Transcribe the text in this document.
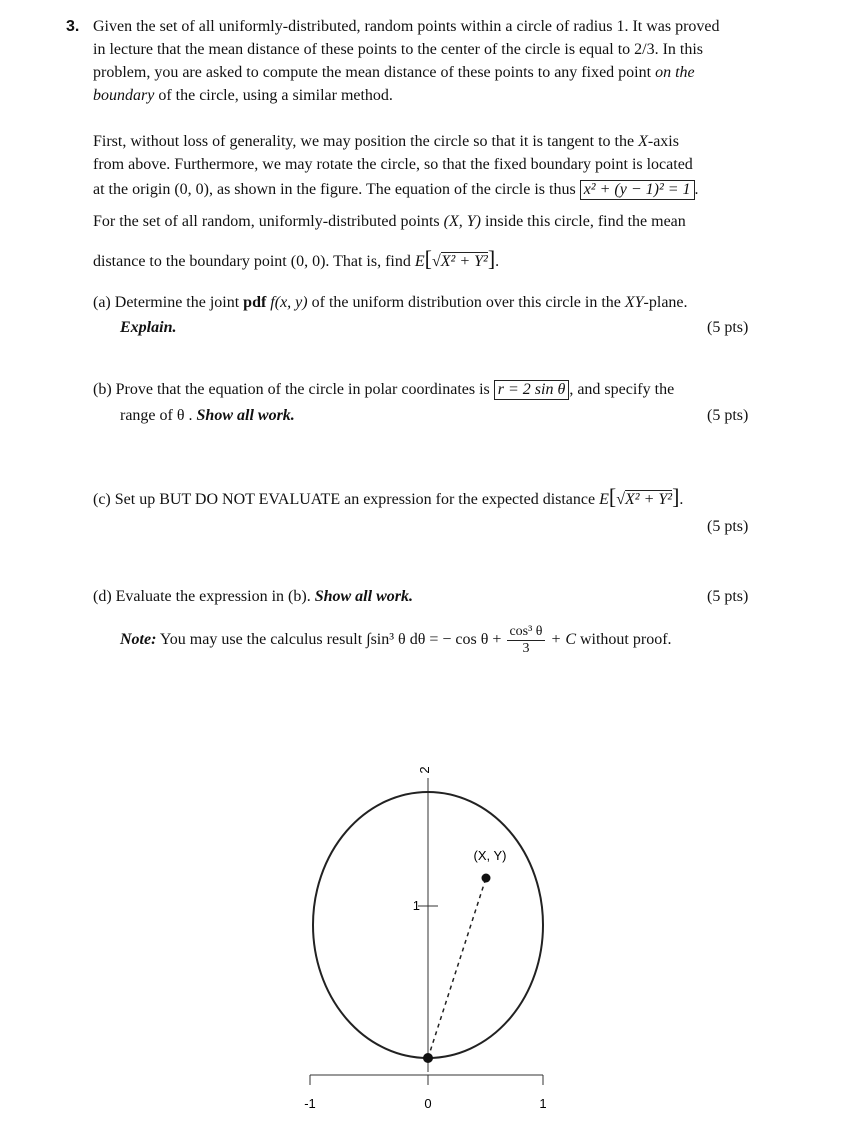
3. Given the set of all uniformly-distributed, random points within a circle of radius 1. It was proved
in lecture that the mean distance of these points to the center of the circle is equal to 2/3. In this
problem, you are asked to compute the mean distance of these points to any fixed point on the
boundary of the circle, using a similar method.
First, without loss of generality, we may position the circle so that it is tangent to the X-axis
from above. Furthermore, we may rotate the circle, so that the fixed boundary point is located
at the origin (0, 0), as shown in the figure. The equation of the circle is thus x² + (y − 1)² = 1 .
For the set of all random, uniformly-distributed points (X, Y) inside this circle, find the mean
distance to the boundary point (0, 0). That is, find E[√X² + Y²].
(a) Determine the joint pdf f(x, y) of the uniform distribution over this circle in the XY-plane.
Explain.	(5 pts)
(b) Prove that the equation of the circle in polar coordinates is r = 2 sin θ , and specify the
range of θ . Show all work.	(5 pts)
(c) Set up BUT DO NOT EVALUATE an expression for the expected distance E[√X² + Y²].
(5 pts)
(d) Evaluate the expression in (b). Show all work.	(5 pts)
Note: You may use the calculus result ∫sin³ θ dθ = − $\cos \theta + \frac{\text{cos³ θ}}{3} + C$ without proof.
2
1
(X, Y)
-1	0	1
